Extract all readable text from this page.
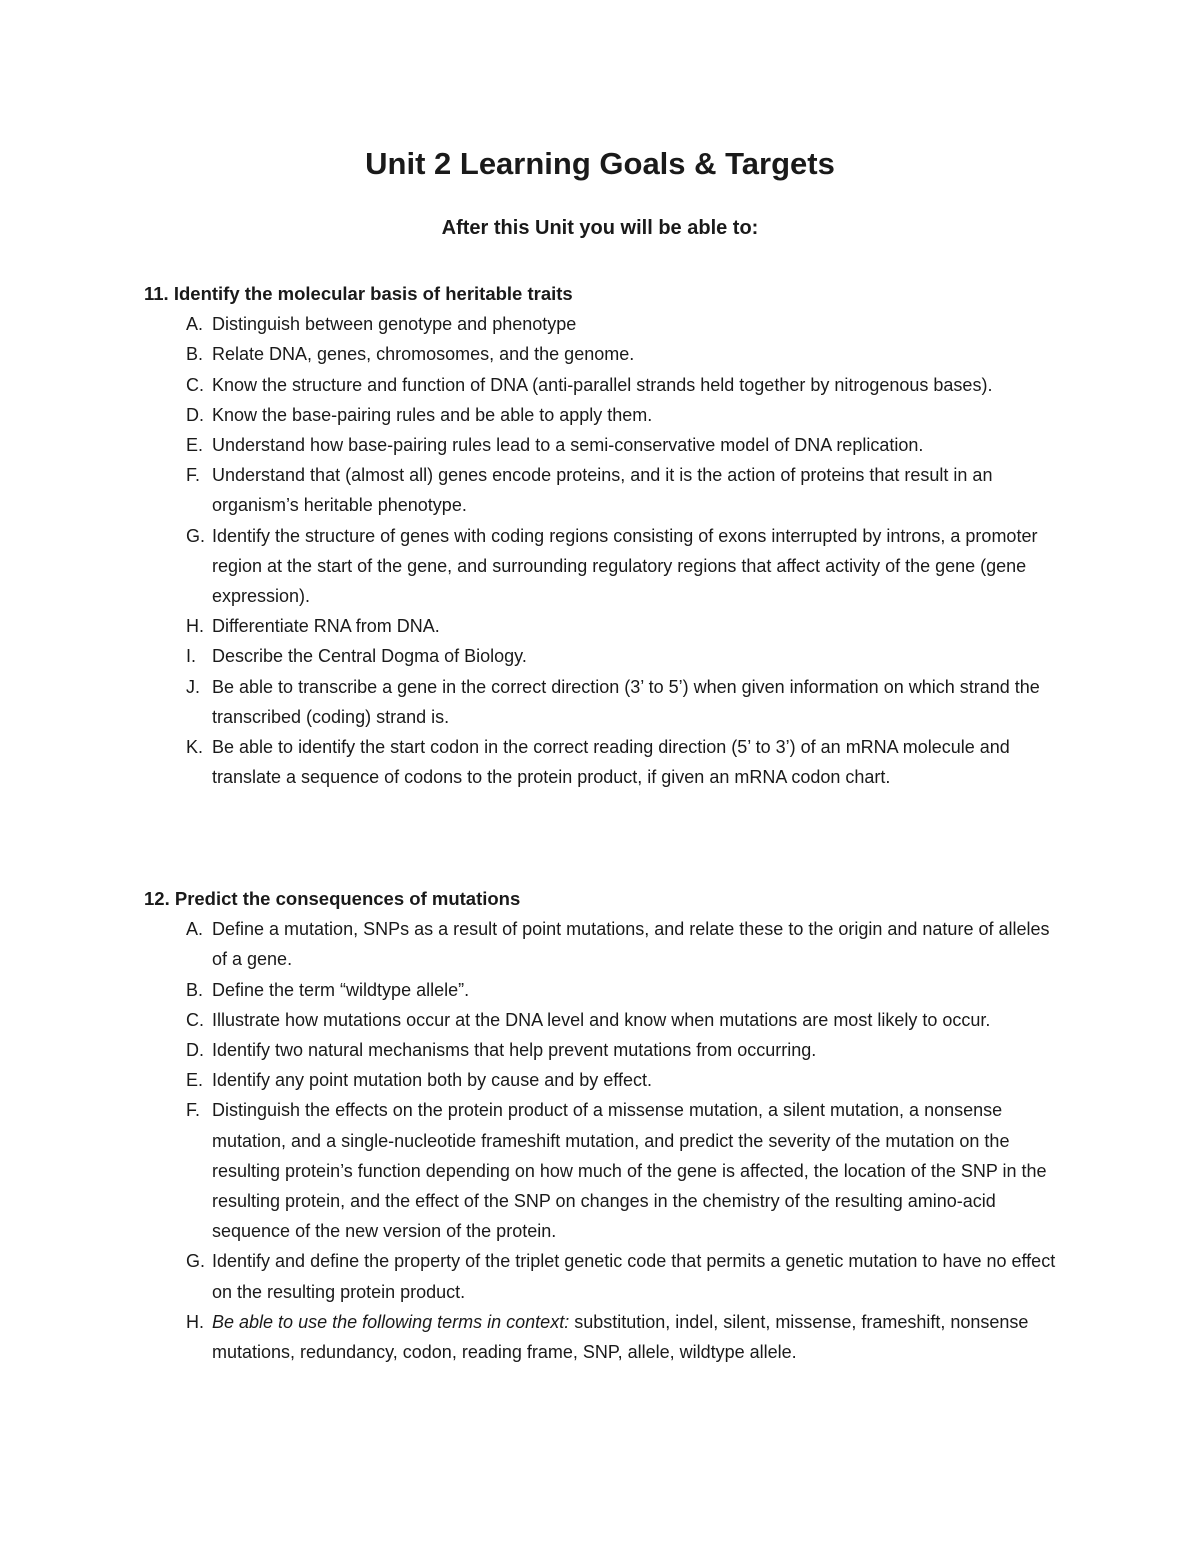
Unit 2 Learning Goals & Targets
After this Unit you will be able to:
11. Identify the molecular basis of heritable traits
A. Distinguish between genotype and phenotype
B. Relate DNA, genes, chromosomes, and the genome.
C. Know the structure and function of DNA (anti-parallel strands held together by nitrogenous bases).
D. Know the base-pairing rules and be able to apply them.
E. Understand how base-pairing rules lead to a semi-conservative model of DNA replication.
F. Understand that (almost all) genes encode proteins, and it is the action of proteins that result in an organism’s heritable phenotype.
G. Identify the structure of genes with coding regions consisting of exons interrupted by introns, a promoter region at the start of the gene, and surrounding regulatory regions that affect activity of the gene (gene expression).
H. Differentiate RNA from DNA.
I. Describe the Central Dogma of Biology.
J. Be able to transcribe a gene in the correct direction (3’ to 5’) when given information on which strand the transcribed (coding) strand is.
K. Be able to identify the start codon in the correct reading direction (5’ to 3’) of an mRNA molecule and translate a sequence of codons to the protein product, if given an mRNA codon chart.
12. Predict the consequences of mutations
A. Define a mutation, SNPs as a result of point mutations, and relate these to the origin and nature of alleles of a gene.
B. Define the term “wildtype allele”.
C. Illustrate how mutations occur at the DNA level and know when mutations are most likely to occur.
D. Identify two natural mechanisms that help prevent mutations from occurring.
E. Identify any point mutation both by cause and by effect.
F. Distinguish the effects on the protein product of a missense mutation, a silent mutation, a nonsense mutation, and a single-nucleotide frameshift mutation, and predict the severity of the mutation on the resulting protein’s function depending on how much of the gene is affected, the location of the SNP in the resulting protein, and the effect of the SNP on changes in the chemistry of the resulting amino-acid sequence of the new version of the protein.
G. Identify and define the property of the triplet genetic code that permits a genetic mutation to have no effect on the resulting protein product.
H. Be able to use the following terms in context: substitution, indel, silent, missense, frameshift, nonsense mutations, redundancy, codon, reading frame, SNP, allele, wildtype allele.
